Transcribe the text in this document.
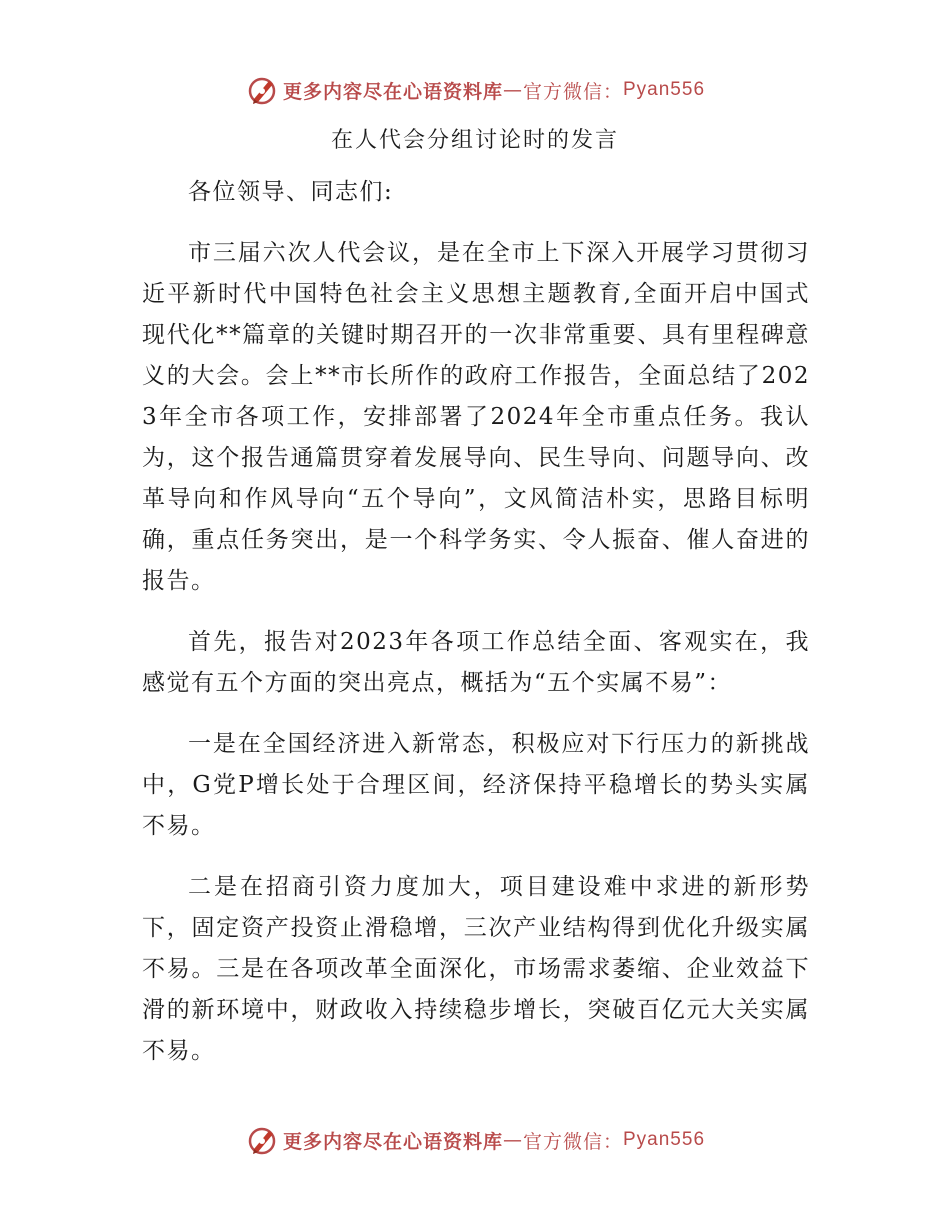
更多内容尽在心语资料库 — 官方微信： Pyan556
在人代会分组讨论时的发言

各位领导、同志们:

市三届六次人代会议，是在全市上下深入开展学习贯彻习近平新时代中国特色社会主义思想主题教育,全面开启中国式现代化**篇章的关键时期召开的一次非常重要、具有里程碑意义的大会。会上**市长所作的政府工作报告，全面总结了2023年全市各项工作，安排部署了2024年全市重点任务。我认为，这个报告通篇贯穿着发展导向、民生导向、问题导向、改革导向和作风导向“五个导向”，文风简洁朴实，思路目标明确，重点任务突出，是一个科学务实、令人振奋、催人奋进的报告。

首先，报告对2023年各项工作总结全面、客观实在，我感觉有五个方面的突出亮点，概括为“五个实属不易”：

一是在全国经济进入新常态，积极应对下行压力的新挑战中，G党P增长处于合理区间，经济保持平稳增长的势头实属不易。

二是在招商引资力度加大，项目建设难中求进的新形势下，固定资产投资止滑稳增，三次产业结构得到优化升级实属不易。三是在各项改革全面深化，市场需求萎缩、企业效益下滑的新环境中，财政收入持续稳步增长，突破百亿元大关实属不易。

更多内容尽在心语资料库 — 官方微信： Pyan556
